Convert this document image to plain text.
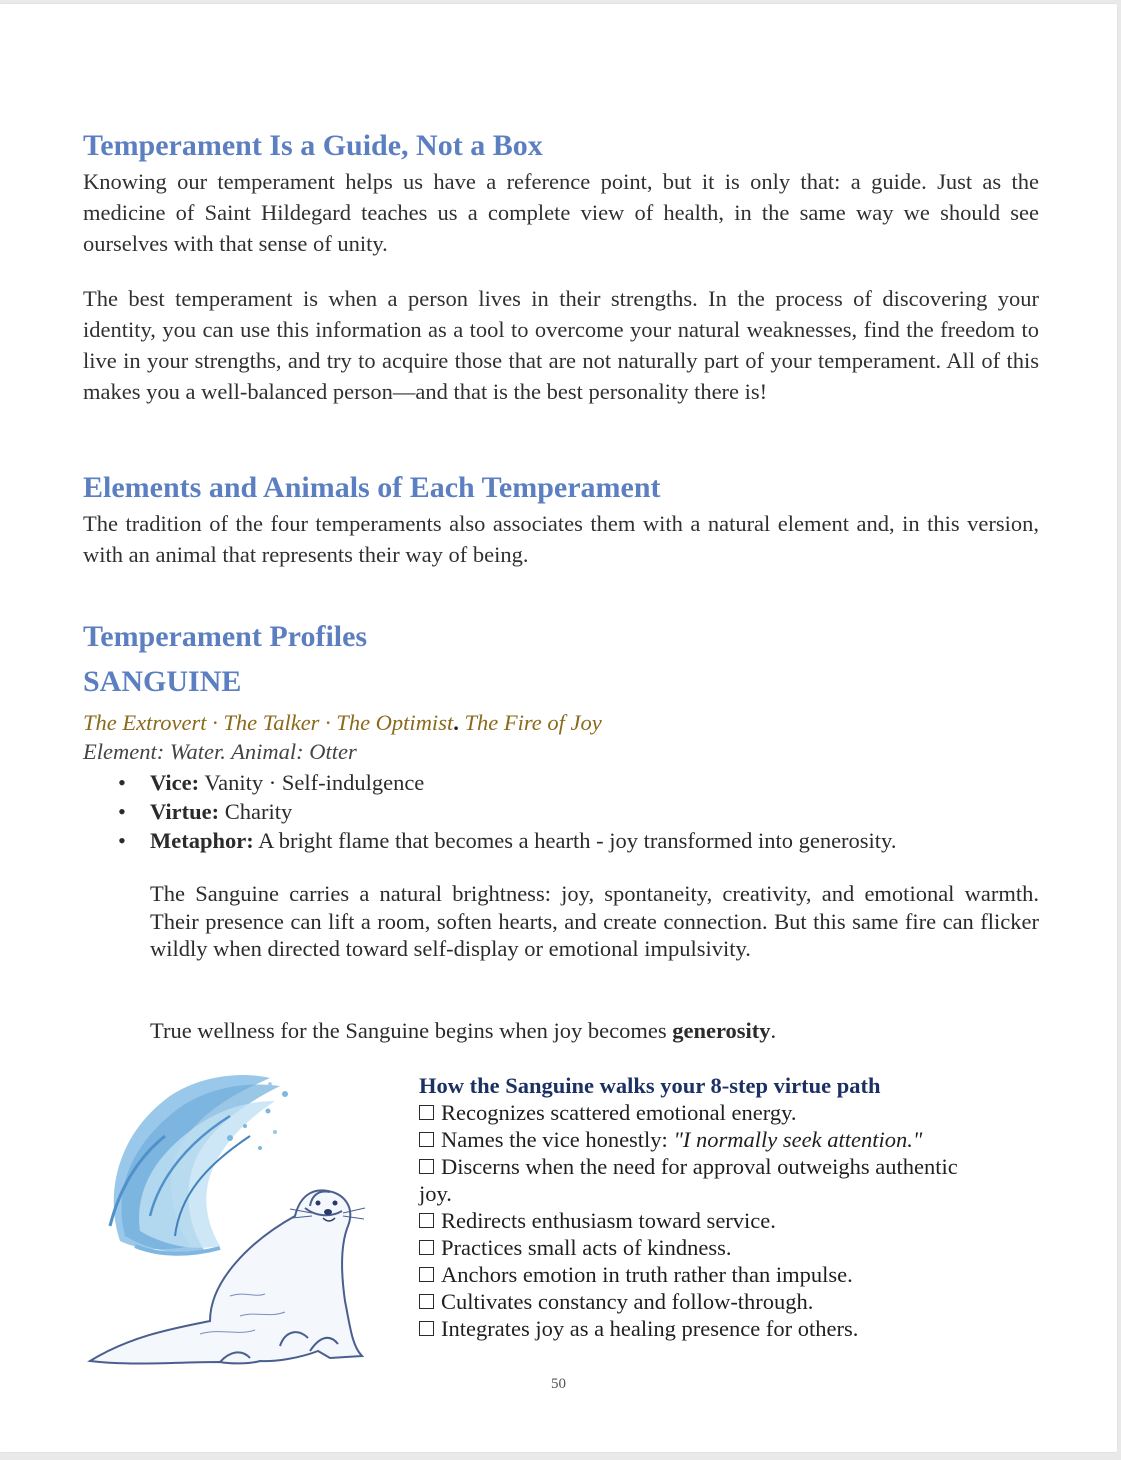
Temperament Is a Guide, Not a Box

Knowing our temperament helps us have a reference point, but it is only that: a guide. Just as the medicine of Saint Hildegard teaches us a complete view of health, in the same way we should see ourselves with that sense of unity.

The best temperament is when a person lives in their strengths. In the process of discovering your identity, you can use this information as a tool to overcome your natural weaknesses, find the freedom to live in your strengths, and try to acquire those that are not naturally part of your temperament. All of this makes you a well-balanced person—and that is the best personality there is!

Elements and Animals of Each Temperament

The tradition of the four temperaments also associates them with a natural element and, in this version, with an animal that represents their way of being.

Temperament Profiles
SANGUINE
The Extrovert · The Talker · The Optimist. The Fire of Joy
Element: Water. Animal: Otter
• Vice: Vanity · Self-indulgence
• Virtue: Charity
• Metaphor: A bright flame that becomes a hearth - joy transformed into generosity.

The Sanguine carries a natural brightness: joy, spontaneity, creativity, and emotional warmth. Their presence can lift a room, soften hearts, and create connection. But this same fire can flicker wildly when directed toward self-display or emotional impulsivity.

True wellness for the Sanguine begins when joy becomes generosity.

How the Sanguine walks your 8-step virtue path
Recognizes scattered emotional energy.
Names the vice honestly: "I normally seek attention."
Discerns when the need for approval outweighs authentic joy.
Redirects enthusiasm toward service.
Practices small acts of kindness.
Anchors emotion in truth rather than impulse.
Cultivates constancy and follow-through.
Integrates joy as a healing presence for others.
50
